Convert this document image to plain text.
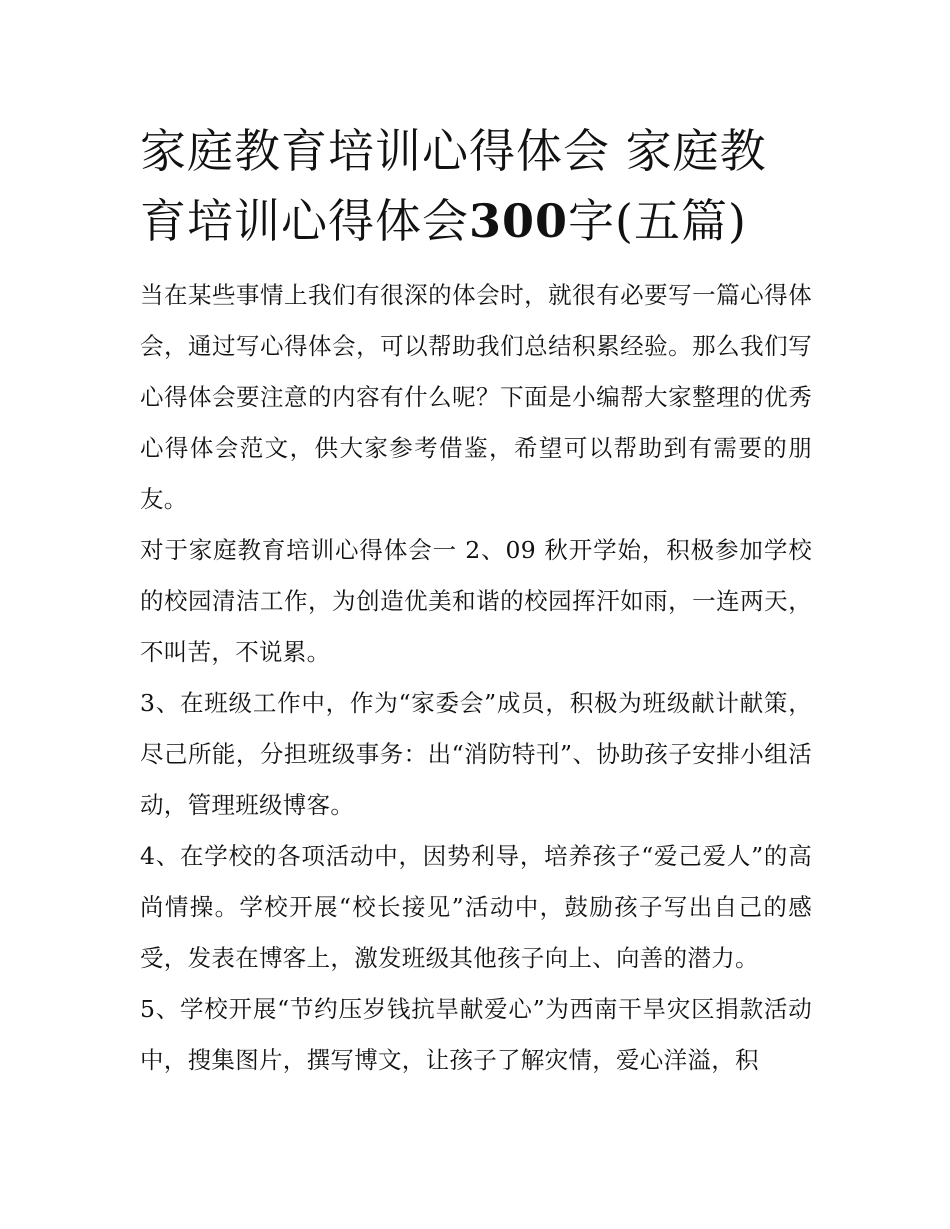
家庭教育培训心得体会 家庭教育培训心得体会300字(五篇)

当在某些事情上我们有很深的体会时，就很有必要写一篇心得体会，通过写心得体会，可以帮助我们总结积累经验。那么我们写心得体会要注意的内容有什么呢？下面是小编帮大家整理的优秀心得体会范文，供大家参考借鉴，希望可以帮助到有需要的朋友。

对于家庭教育培训心得体会一 2、09 秋开学始，积极参加学校的校园清洁工作，为创造优美和谐的校园挥汗如雨，一连两天，不叫苦，不说累。

3、在班级工作中，作为“家委会”成员，积极为班级献计献策，尽己所能，分担班级事务：出“消防特刊”、协助孩子安排小组活动，管理班级博客。

4、在学校的各项活动中，因势利导，培养孩子“爱己爱人”的高尚情操。学校开展“校长接见”活动中，鼓励孩子写出自己的感受，发表在博客上，激发班级其他孩子向上、向善的潜力。

5、学校开展“节约压岁钱抗旱献爱心”为西南干旱灾区捐款活动中，搜集图片，撰写博文，让孩子了解灾情，爱心洋溢，积
